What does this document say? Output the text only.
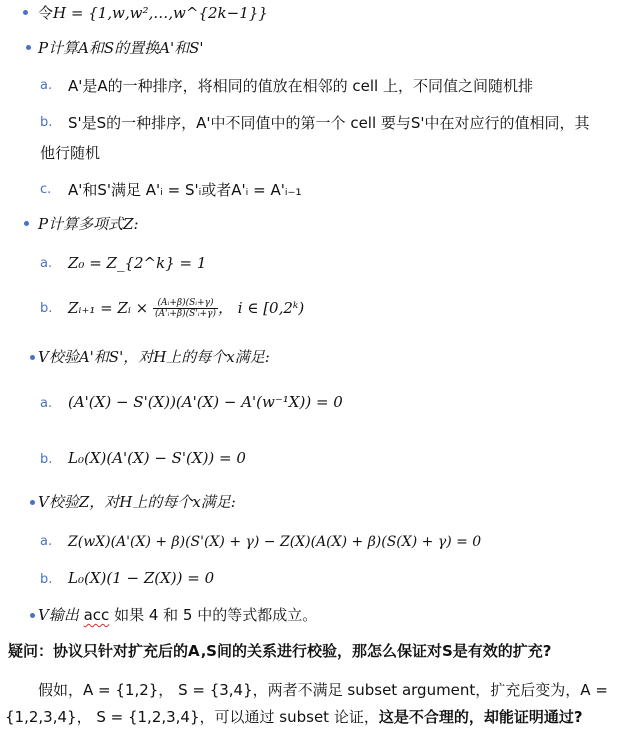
令H = {1‚w‚w²‚…‚w^{2k−1}}
P计算A和S的置换A'和S'
a. A'是A的一种排序，将相同的值放在相邻的 cell 上，不同值之间随机排
b. S'是S的一种排序，A'中不同值中的第一个 cell 要与S'中在对应行的值相同，其
他行随机
c. A'和S'满足 A'ᵢ = S'ᵢ或者A'ᵢ = A'ᵢ₋₁
P计算多项式Z:
a. Z₀ = Z_{2^k} = 1
b. Zᵢ₊₁ = Zᵢ × $\frac{\text{(Aᵢ+β)(Sᵢ+γ)}}{\text{(A'ᵢ+β)(S'ᵢ+γ)}}$ ， i ∈ [0‚2ᵏ)
V校验A'和S'，对H上的每个x满足:
a. (A'(X) − S'(X))(A'(X) − A'(w⁻¹X)) = 0
b. L₀(X)(A'(X) − S'(X)) = 0
V校验Z，对H上的每个x满足:
a. Z(wX)(A'(X) + β)(S'(X) + γ) − Z(X)(A(X) + β)(S(X) + γ) = 0
b. L₀(X)(1 − Z(X)) = 0
V输出 acc 如果 4 和 5 中的等式都成立。
疑问：协议只针对扩充后的A‚S间的关系进行校验，那怎么保证对S是有效的扩充?
假如，A = {1,2}， S = {3,4}，两者不满足 subset argument，扩充后变为，A =
{1,2,3,4}， S = {1,2,3,4}，可以通过 subset 论证，这是不合理的，却能证明通过?
